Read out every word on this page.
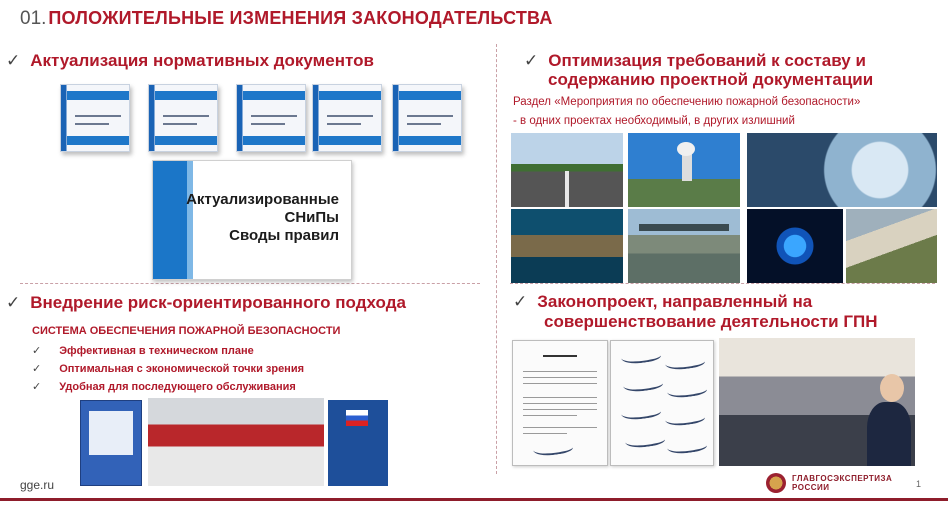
01. ПОЛОЖИТЕЛЬНЫЕ ИЗМЕНЕНИЯ ЗАКОНОДАТЕЛЬСТВА
✓ Актуализация нормативных документов
Актуализированные
СНиПы
Своды правил
✓ Оптимизация требований к составу и
содержанию проектной документации
Раздел «Мероприятия по обеспечению пожарной безопасности»
- в одних проектах необходимый, в других излишний
✓ Внедрение риск-ориентированного подхода
СИСТЕМА ОБЕСПЕЧЕНИЯ ПОЖАРНОЙ БЕЗОПАСНОСТИ
✓ Эффективная в техническом плане
✓ Оптимальная с экономической точки зрения
✓ Удобная для последующего обслуживания
✓ Законопроект, направленный на
совершенствование деятельности ГПН
gge.ru	ГЛАВГОСЭКСПЕРТИЗА
РОССИИ	1
